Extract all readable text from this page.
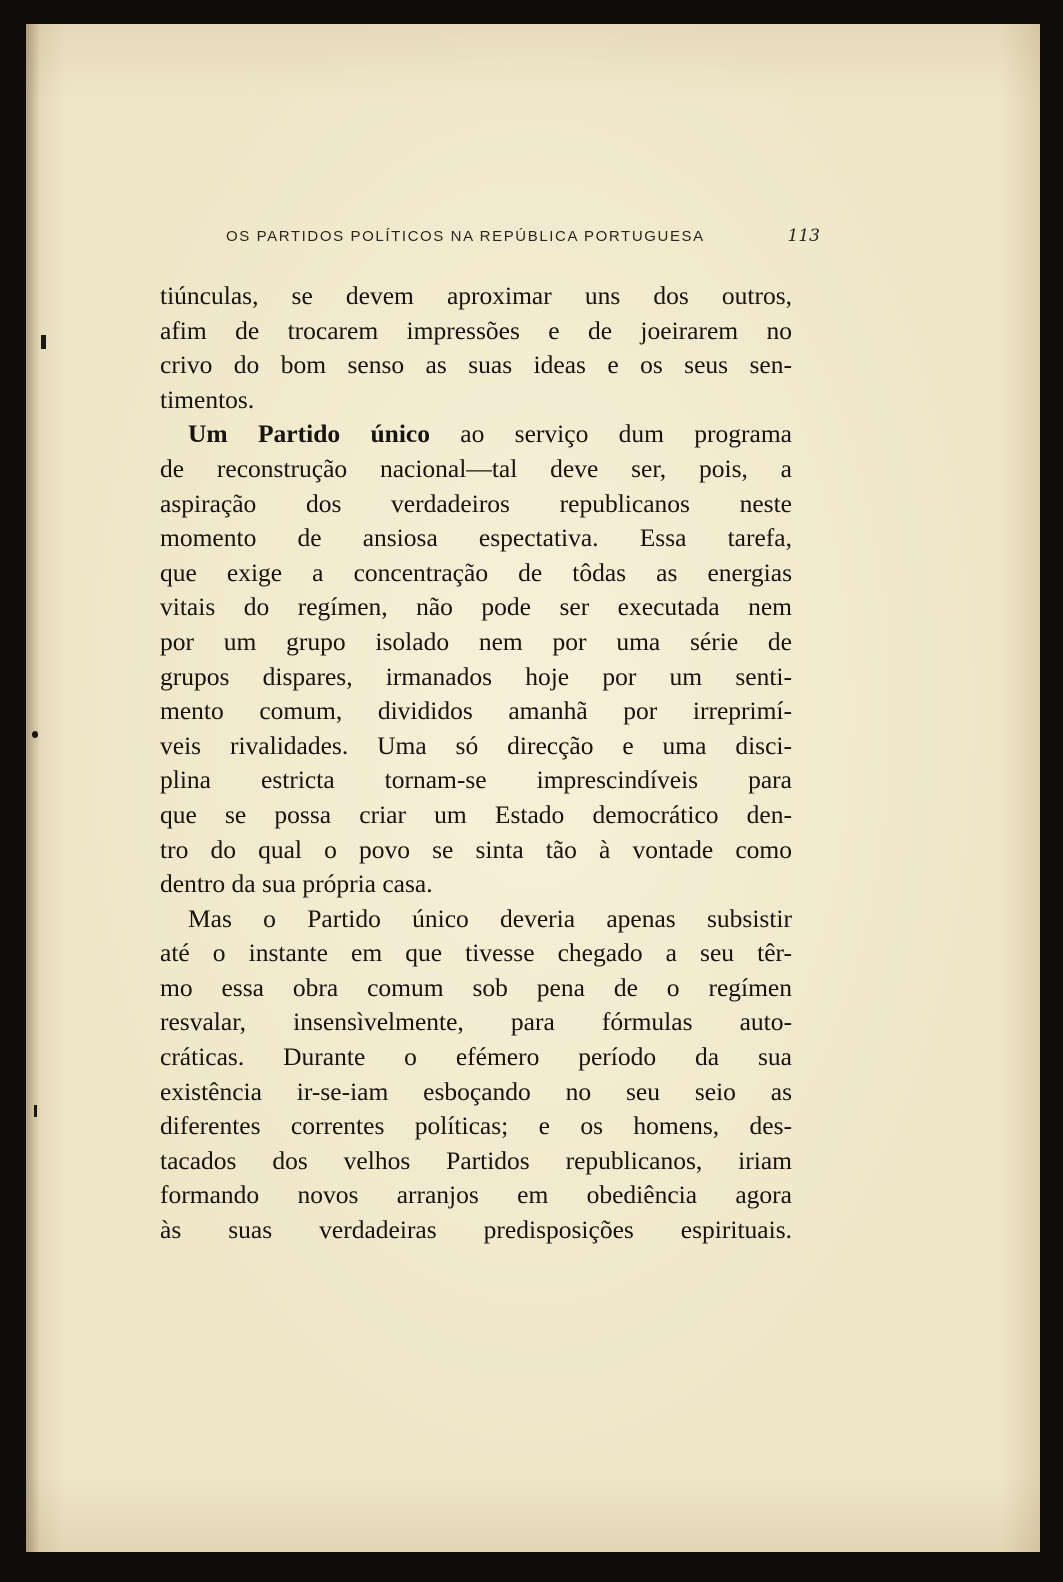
OS PARTIDOS POLÍTICOS NA REPÚBLICA PORTUGUESA	113
tiúnculas, se devem aproximar uns dos outros,
afim de trocarem impressões e de joeirarem no
crivo do bom senso as suas ideas e os seus sen-
timentos.
Um Partido único ao serviço dum programa
de reconstrução nacional—tal deve ser, pois, a
aspiração dos verdadeiros republicanos neste
momento de ansiosa espectativa. Essa tarefa,
que exige a concentração de tôdas as energias
vitais do regímen, não pode ser executada nem
por um grupo isolado nem por uma série de
grupos dispares, irmanados hoje por um senti-
mento comum, divididos amanhã por irreprimí-
veis rivalidades. Uma só direcção e uma disci-
plina estricta tornam-se imprescindíveis para
que se possa criar um Estado democrático den-
tro do qual o povo se sinta tão à vontade como
dentro da sua própria casa.
Mas o Partido único deveria apenas subsistir
até o instante em que tivesse chegado a seu têr-
mo essa obra comum sob pena de o regímen
resvalar, insensìvelmente, para fórmulas auto-
cráticas. Durante o efémero período da sua
existência ir-se-iam esboçando no seu seio as
diferentes correntes políticas; e os homens, des-
tacados dos velhos Partidos republicanos, iriam
formando novos arranjos em obediência agora
às suas verdadeiras predisposições espirituais.
